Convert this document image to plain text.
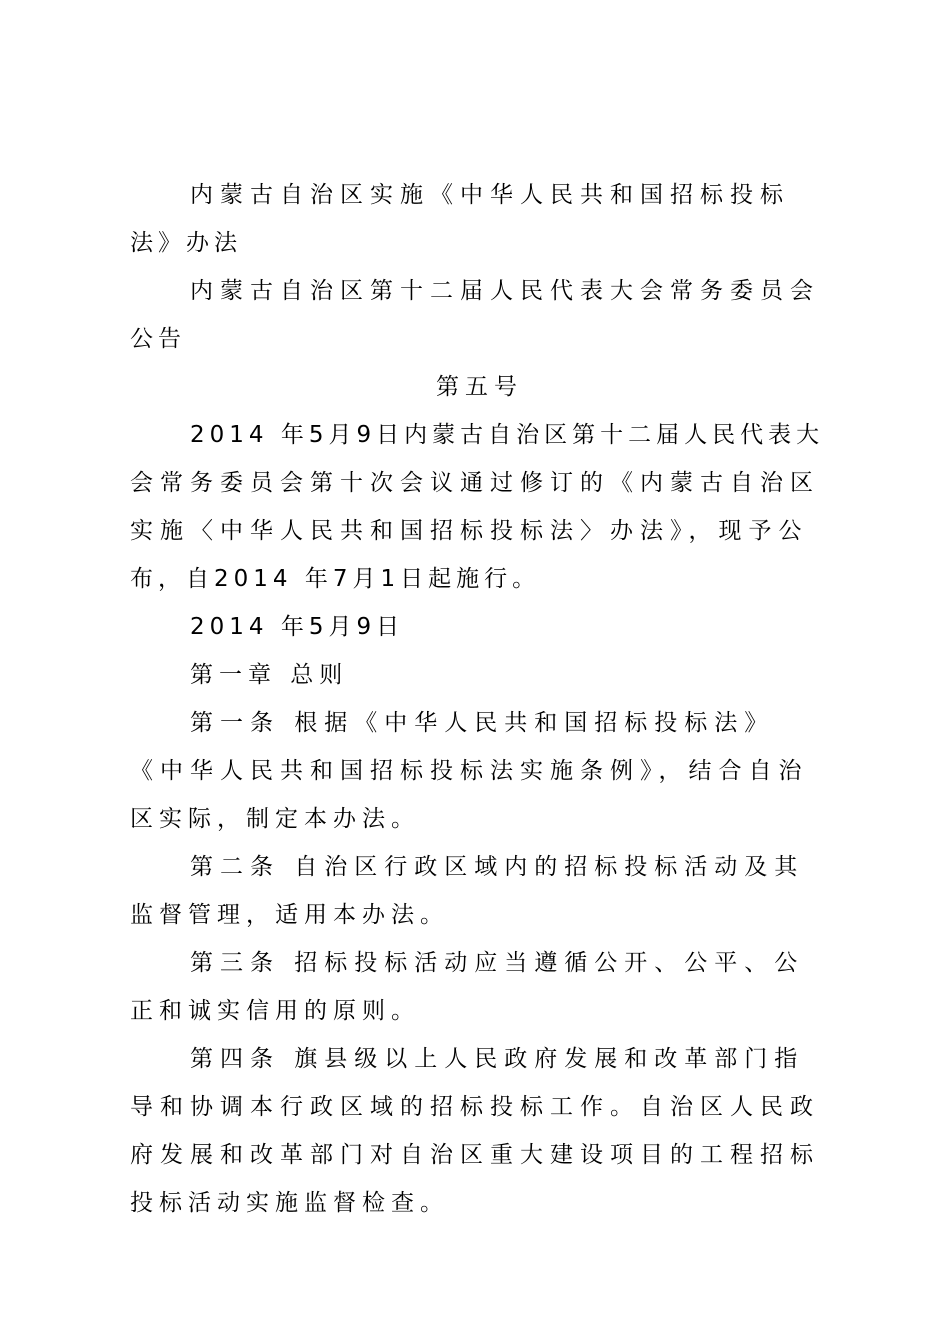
内蒙古自治区实施《中华人民共和国招标投标
法》办法
内蒙古自治区第十二届人民代表大会常务委员会
公告
第五号
2014 年5月9日内蒙古自治区第十二届人民代表大
会常务委员会第十次会议通过修订的《内蒙古自治区
实施〈中华人民共和国招标投标法〉办法》，现予公
布，自2014 年7月1日起施行。
2014 年5月9日
第一章 总则
第一条 根据《中华人民共和国招标投标法》
《中华人民共和国招标投标法实施条例》，结合自治
区实际，制定本办法。
第二条 自治区行政区域内的招标投标活动及其
监督管理，适用本办法。
第三条 招标投标活动应当遵循公开、公平、公
正和诚实信用的原则。
第四条 旗县级以上人民政府发展和改革部门指
导和协调本行政区域的招标投标工作。自治区人民政
府发展和改革部门对自治区重大建设项目的工程招标
投标活动实施监督检查。
